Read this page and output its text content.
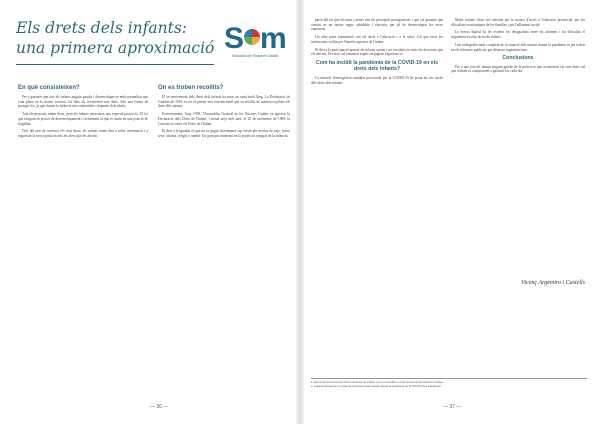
Els drets dels infants:
una primera aproximació S m
Educació de l'Estat en Català
En què consisteixen?

Per a garantir que tots els infants puguin gaudir i desenvolupar-se amb normalitat una vida plena en la nostra societat, les lleis els reconeixen uns drets. Són una forma de protegir-los, ja que durant la infància són vulnerables i depenen dels adults.

Tots els persones tenim drets, però els infants necessiten una especial protecció. El fet que estiguin en procés de desenvolupament i creixement fa que es situïn en una posició de fragilitat.

Dret del nen de conèixer els seus drets: els infants tenen dret a rebre informació i a expressar la seva opinió en tots els afers que els afectin.

On es troben recollits?

El reconeixement dels drets dels infants ha estat un camí molt llarg. La Declaració de Ginebra de 1924 va ser el primer text internacional que va recollir de manera explícita els drets dels infants.

Posteriorment, l'any 1959, l'Assemblea General de les Nacions Unides va aprovar la Declaració dels Drets de l'Infant, i trenta anys més tard, el 20 de novembre de 1989, la Convenció sobre els Drets de l'Infant.

El dret a la igualtat fa que no es pugui discriminar cap infant per motius de raça, color, sexe, idioma, religió o opinió. Un gran pas endavant en la protecció integral de la infància.

— 36 —

partit del fet que els nens i nenes són els principals protagonistes i que cal garantir que creixin en un entorn segur, saludable i afectuós, per tal de desenvolupar les seves capacitats.

Un altre punt fonamental són els drets a l'educació i a la salut. Cal que totes les institucions vetllin per l'interès superior de l'infant.

El dret a la participació permet als infants opinar i ser escoltats en totes les decisions que els afecten. Per això cal fomentar espais on puguin expressar-se.

Com ha incidit la pandèmia de la COVID-19 en els drets dels infants?

La situació d'emergència sanitària provocada per la COVID-19 ha posat en risc molts dels drets dels infants.

Molts infants s'han vist afectats per la manca d'accés a l'educació presencial, per les dificultats econòmiques de les famílies i per l'aïllament social.

La bretxa digital ha fet evident les desigualtats entre els alumnes i ha dificultat el seguiment escolar de molts infants.

Una radiografia molt completa de la situació dels infants durant la pandèmia es pot trobar en els informes publicats per diverses organitzacions.

Conclusions

Per a que tots els infants puguin gaudir de la protecció que reconeixen els seus drets cal que tothom es comprometi a garantir-los cada dia.

Vicenç Argemiro i Castells
1. El text de la Convenció sobre els Drets de l'Infant es pot consultar en línia al web de les Nacions Unides.
2. Aquest informe fa un repàs de la situació dels infants durant la pandèmia de la COVID-19 a Catalunya.
— 37 —
